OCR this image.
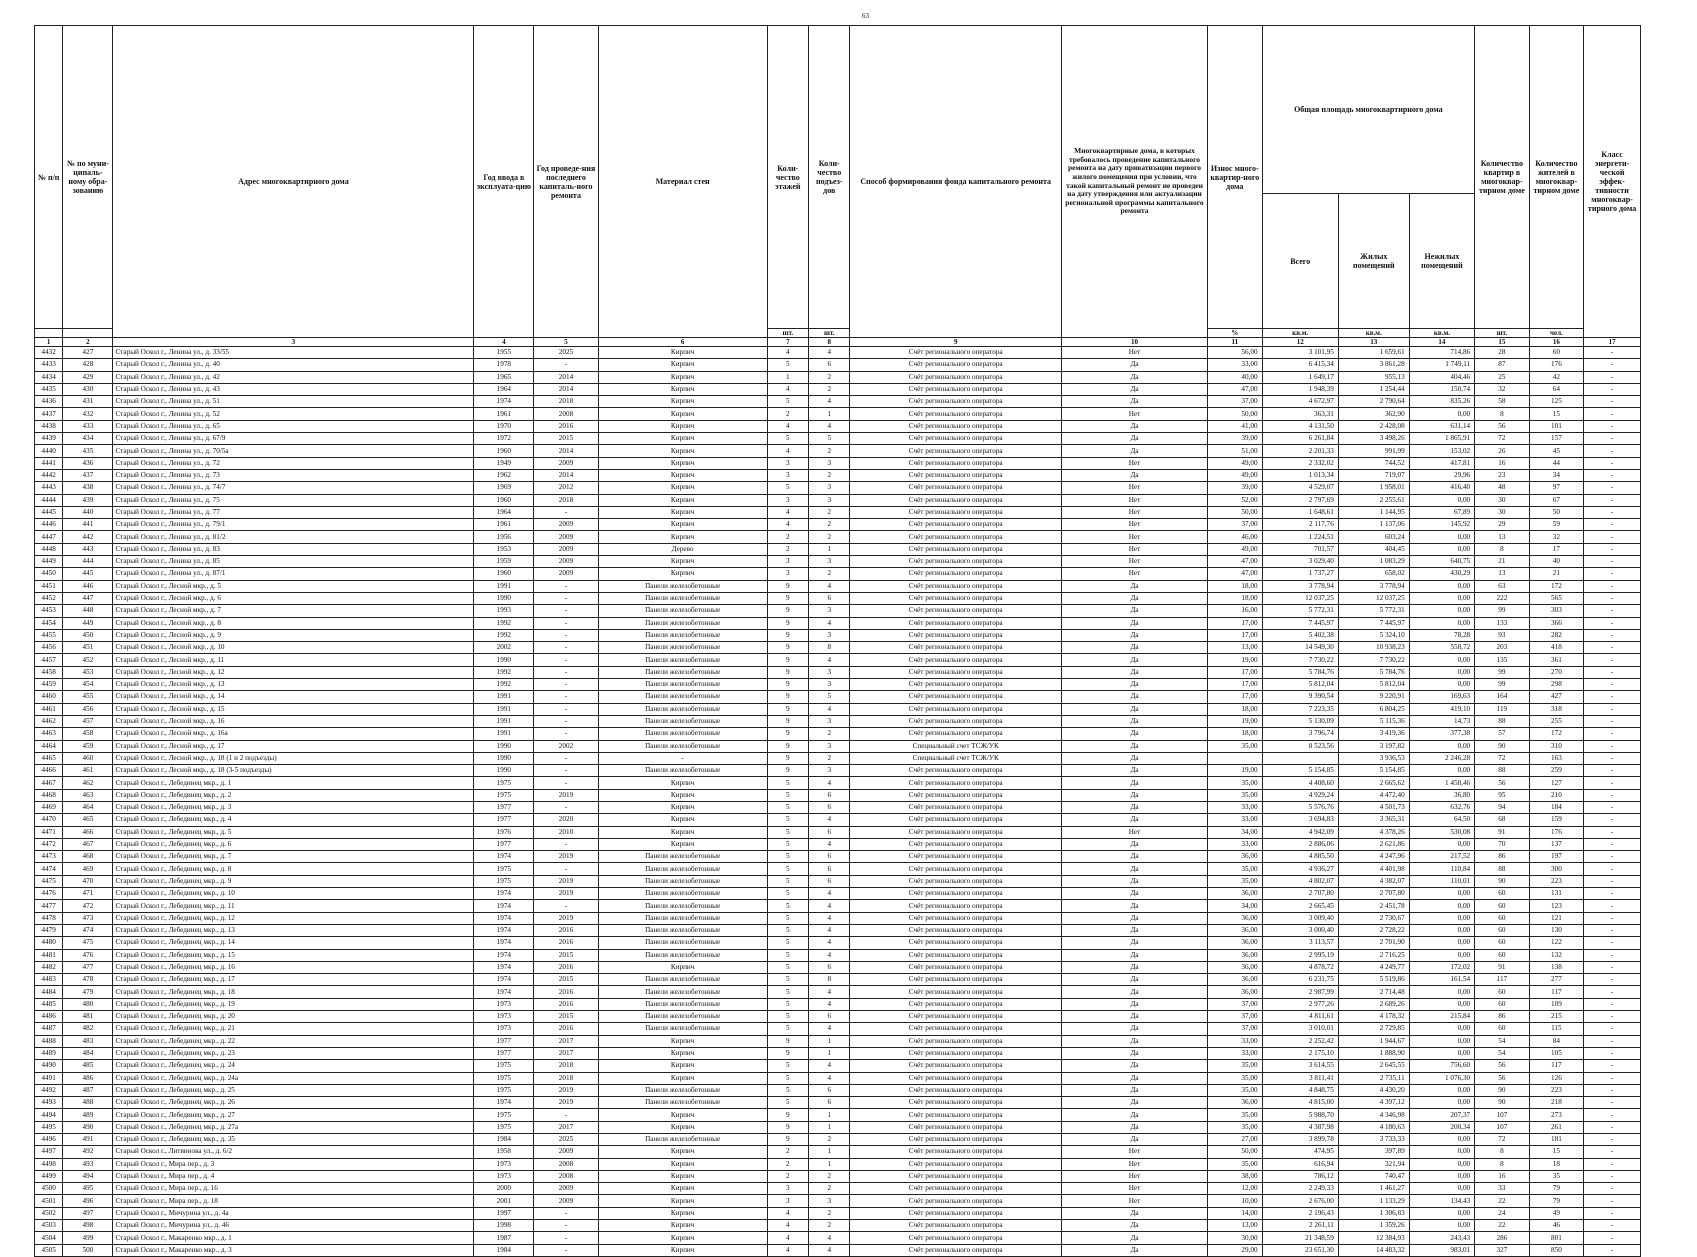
63
№ п/п	№ по муни-ципаль-ному обра-зованию	Адрес многоквартирного дома	Год ввода в эксплуата-цию	Год проведе-ния последнего капиталь-ного ремонта	Материал стен	Коли-чество этажей	Коли-чество подъез-дов	Способ формирования фонда капитального ремонта	Многоквартирные дома, в которых требовалось проведение капитального ремонта на дату приватизации первого жилого помещения при условии, что такой капитальный ремонт не проведен на дату утверждения или актуализации региональной программы капитального ремонта	Износ много-квартир-ного дома	Общая площадь многоквартирного дома			Количество квартир в многоквар-тирном доме	Количество жителей в многоквар-тирном доме	Класс энергети-ческой эффек-тивности многоквар-тирного дома
											Всего	Жилых помещений	Нежилых помещений			
						шт.	шт.			%	кв.м.	кв.м.	кв.м.	шт.	чел.	
1	2	3	4	5	6	7	8	9	10	11	12	13	14	15	16	17
4432	427	Старый Оскол г., Ленина ул., д. 33/55	1955	2025	Кирпич	4	4	Счёт регионального оператора	Нет	56,00	3 101,95	1 659,61	714,86	28	60	-
4433	428	Старый Оскол г., Ленина ул., д. 40	1978	-	Кирпич	5	6	Счёт регионального оператора	Да	33,00	6 415,34	3 861,28	1 749,11	87	176	-
4434	429	Старый Оскол г., Ленина ул., д. 42	1965	2014	Кирпич	1	2	Счёт регионального оператора	Да	40,00	1 649,17	955,13	404,46	25	42	-
4435	430	Старый Оскол г., Ленина ул., д. 43	1964	2014	Кирпич	4	2	Счёт регионального оператора	Да	47,00	1 948,39	1 254,44	150,74	32	64	-
4436	431	Старый Оскол г., Ленина ул., д. 51	1974	2018	Кирпич	5	4	Счёт регионального оператора	Да	37,00	4 672,97	2 790,64	835,26	58	125	-
4437	432	Старый Оскол г., Ленина ул., д. 52	1961	2008	Кирпич	2	1	Счёт регионального оператора	Нет	50,00	363,31	362,90	0,00	8	15	-
4438	433	Старый Оскол г., Ленина ул., д. 65	1970	2016	Кирпич	4	4	Счёт регионального оператора	Да	41,00	4 131,50	2 428,08	631,14	56	101	-
4439	434	Старый Оскол г., Ленина ул., д. 67/9	1972	2015	Кирпич	5	5	Счёт регионального оператора	Да	39,00	6 261,84	3 498,26	1 865,91	72	157	-
4440	435	Старый Оскол г., Ленина ул., д. 70/5а	1960	2014	Кирпич	4	2	Счёт регионального оператора	Да	51,00	2 201,33	991,99	153,02	26	45	-
4441	436	Старый Оскол г., Ленина ул., д. 72	1949	2009	Кирпич	3	3	Счёт регионального оператора	Нет	49,00	2 332,02	744,52	417,81	16	44	-
4442	437	Старый Оскол г., Ленина ул., д. 73	1962	2014	Кирпич	3	2	Счёт регионального оператора	Да	49,00	1 013,34	719,07	29,96	23	34	-
4443	438	Старый Оскол г., Ленина ул., д. 74/7	1969	2012	Кирпич	5	3	Счёт регионального оператора	Нет	39,00	4 529,07	1 958,01	416,40	48	97	-
4444	439	Старый Оскол г., Ленина ул., д. 75	1960	2018	Кирпич	3	3	Счёт регионального оператора	Нет	52,00	2 797,69	2 255,61	0,00	30	67	-
4445	440	Старый Оскол г., Ленина ул., д. 77	1964	-	Кирпич	4	2	Счёт регионального оператора	Нет	50,00	1 648,61	1 144,95	67,89	30	50	-
4446	441	Старый Оскол г., Ленина ул., д. 79/1	1961	2009	Кирпич	4	2	Счёт регионального оператора	Нет	37,00	2 117,76	1 137,06	145,92	29	59	-
4447	442	Старый Оскол г., Ленина ул., д. 81/2	1956	2009	Кирпич	2	2	Счёт регионального оператора	Нет	46,00	1 224,51	603,24	0,00	13	32	-
4448	443	Старый Оскол г., Ленина ул., д. 83	1953	2009	Дерево	2	1	Счёт регионального оператора	Нет	49,00	701,57	404,45	0,00	8	17	-
4449	444	Старый Оскол г., Ленина ул., д. 85	1959	2009	Кирпич	3	3	Счёт регионального оператора	Нет	47,00	3 029,40	1 083,29	640,75	21	40	-
4450	445	Старый Оскол г., Ленина ул., д. 87/1	1960	2009	Кирпич	3	2	Счёт регионального оператора	Нет	47,00	1 737,27	658,02	430,29	13	21	-
4451	446	Старый Оскол г., Лесной мкр., д. 5	1991	-	Панели железобетонные	9	4	Счёт регионального оператора	Да	18,00	3 778,94	3 778,94	0,00	63	172	-
4452	447	Старый Оскол г., Лесной мкр., д. 6	1990	-	Панели железобетонные	9	6	Счёт регионального оператора	Да	18,00	12 037,25	12 037,25	0,00	222	565	-
4453	448	Старый Оскол г., Лесной мкр., д. 7	1993	-	Панели железобетонные	9	3	Счёт регионального оператора	Да	16,00	5 772,31	5 772,31	0,00	99	303	-
4454	449	Старый Оскол г., Лесной мкр., д. 8	1992	-	Панели железобетонные	9	4	Счёт регионального оператора	Да	17,00	7 445,97	7 445,97	0,00	133	366	-
4455	450	Старый Оскол г., Лесной мкр., д. 9	1992	-	Панели железобетонные	9	3	Счёт регионального оператора	Да	17,00	5 402,38	5 324,10	78,28	93	282	-
4456	451	Старый Оскол г., Лесной мкр., д. 10	2002	-	Панели железобетонные	9	8	Счёт регионального оператора	Да	13,00	14 549,30	10 938,23	558,72	203	418	-
4457	452	Старый Оскол г., Лесной мкр., д. 11	1990	-	Панели железобетонные	9	4	Счёт регионального оператора	Да	19,00	7 730,22	7 730,22	0,00	135	361	-
4458	453	Старый Оскол г., Лесной мкр., д. 12	1992	-	Панели железобетонные	9	3	Счёт регионального оператора	Да	17,00	5 784,76	5 784,76	0,00	99	270	-
4459	454	Старый Оскол г., Лесной мкр., д. 13	1992	-	Панели железобетонные	9	3	Счёт регионального оператора	Да	17,00	5 812,04	5 812,04	0,00	99	298	-
4460	455	Старый Оскол г., Лесной мкр., д. 14	1991	-	Панели железобетонные	9	5	Счёт регионального оператора	Да	17,00	9 390,54	9 220,91	169,63	164	427	-
4461	456	Старый Оскол г., Лесной мкр., д. 15	1991	-	Панели железобетонные	9	4	Счёт регионального оператора	Да	18,00	7 223,35	6 804,25	419,10	119	318	-
4462	457	Старый Оскол г., Лесной мкр., д. 16	1991	-	Панели железобетонные	9	3	Счёт регионального оператора	Да	19,00	5 130,09	5 115,36	14,73	88	255	-
4463	458	Старый Оскол г., Лесной мкр., д. 16а	1991	-	Панели железобетонные	9	2	Счёт регионального оператора	Да	18,00	3 796,74	3 419,36	377,38	57	172	-
4464	459	Старый Оскол г., Лесной мкр., д. 17	1990	2002	Панели железобетонные	9	3	Специальный счет ТСЖ/УК	Да	35,00	8 523,56	3 197,82	0,00	90	310	-
4465	460	Старый Оскол г., Лесной мкр., д. 18 (1 и 2 подъезды)	1990	-	-	9	2	Специальный счет ТСЖ/УК	Да			3 936,53	2 246,28	72	163	-
4466	461	Старый Оскол г., Лесной мкр., д. 18 (3-5 подъезды)	1990	-	Панели железобетонные	9	3	Счёт регионального оператора	Да	19,00	5 154,85	5 154,85	0,00	88	259	-
4467	462	Старый Оскол г., Лебединец мкр., д. 1	1975	-	Кирпич	5	4	Счёт регионального оператора	Да	35,00	4 408,60	2 665,62	1 458,46	56	127	-
4468	463	Старый Оскол г., Лебединец мкр., д. 2	1975	2019	Кирпич	5	6	Счёт регионального оператора	Да	35,00	4 929,24	4 472,40	36,80	95	210	-
4469	464	Старый Оскол г., Лебединец мкр., д. 3	1977	-	Кирпич	5	6	Счёт регионального оператора	Да	33,00	5 576,76	4 501,73	632,76	94	184	-
4470	465	Старый Оскол г., Лебединец мкр., д. 4	1977	2020	Кирпич	5	4	Счёт регионального оператора	Да	33,00	3 694,83	3 365,31	64,50	68	159	-
4471	466	Старый Оскол г., Лебединец мкр., д. 5	1976	2010	Кирпич	5	6	Счёт регионального оператора	Нет	34,00	4 942,09	4 378,26	530,08	91	176	-
4472	467	Старый Оскол г., Лебединец мкр., д. 6	1977	-	Кирпич	5	4	Счёт регионального оператора	Да	33,00	2 886,06	2 621,86	0,00	70	137	-
4473	468	Старый Оскол г., Лебединец мкр., д. 7	1974	2019	Панели железобетонные	5	6	Счёт регионального оператора	Да	36,00	4 885,50	4 247,96	217,52	86	197	-
4474	469	Старый Оскол г., Лебединец мкр., д. 8	1975	-	Панели железобетонные	5	6	Счёт регионального оператора	Да	35,00	4 936,27	4 401,98	110,84	88	300	-
4475	470	Старый Оскол г., Лебединец мкр., д. 9	1975	2019	Панели железобетонные	5	6	Счёт регионального оператора	Да	35,00	4 802,07	4 382,07	110,01	90	223	-
4476	471	Старый Оскол г., Лебединец мкр., д. 10	1974	2019	Панели железобетонные	5	4	Счёт регионального оператора	Да	36,00	2 707,80	2 707,80	0,00	60	131	-
4477	472	Старый Оскол г., Лебединец мкр., д. 11	1974	-	Панели железобетонные	5	4	Счёт регионального оператора	Да	34,00	2 665,45	2 451,78	0,00	60	123	-
4478	473	Старый Оскол г., Лебединец мкр., д. 12	1974	2019	Панели железобетонные	5	4	Счёт регионального оператора	Да	36,00	3 009,40	2 730,67	0,00	60	121	-
4479	474	Старый Оскол г., Лебединец мкр., д. 13	1974	2016	Панели железобетонные	5	4	Счёт регионального оператора	Да	36,00	3 000,40	2 728,22	0,00	60	130	-
4480	475	Старый Оскол г., Лебединец мкр., д. 14	1974	2016	Панели железобетонные	5	4	Счёт регионального оператора	Да	36,00	3 113,57	2 701,90	0,00	60	122	-
4481	476	Старый Оскол г., Лебединец мкр., д. 15	1974	2015	Панели железобетонные	5	4	Счёт регионального оператора	Да	36,00	2 995,19	2 716,25	0,00	60	132	-
4482	477	Старый Оскол г., Лебединец мкр., д. 16	1974	2016	Кирпич	5	6	Счёт регионального оператора	Да	36,00	4 878,72	4 249,77	172,02	91	138	-
4483	478	Старый Оскол г., Лебединец мкр., д. 17	1974	2015	Панели железобетонные	5	8	Счёт регионального оператора	Да	36,00	6 231,75	5 519,86	161,54	117	277	-
4484	479	Старый Оскол г., Лебединец мкр., д. 18	1974	2016	Панели железобетонные	5	4	Счёт регионального оператора	Да	36,00	2 987,99	2 714,48	0,00	60	117	-
4485	480	Старый Оскол г., Лебединец мкр., д. 19	1973	2016	Панели железобетонные	5	4	Счёт регионального оператора	Да	37,00	2 977,26	2 689,26	0,00	60	109	-
4486	481	Старый Оскол г., Лебединец мкр., д. 20	1973	2015	Панели железобетонные	5	6	Счёт регионального оператора	Да	37,00	4 811,61	4 178,32	215,84	86	215	-
4487	482	Старый Оскол г., Лебединец мкр., д. 21	1973	2016	Панели железобетонные	5	4	Счёт регионального оператора	Да	37,00	3 010,01	2 729,85	0,00	60	115	-
4488	483	Старый Оскол г., Лебединец мкр., д. 22	1977	2017	Кирпич	9	1	Счёт регионального оператора	Да	33,00	2 252,42	1 944,67	0,00	54	84	-
4489	484	Старый Оскол г., Лебединец мкр., д. 23	1977	2017	Кирпич	9	1	Счёт регионального оператора	Да	33,00	2 175,10	1 888,90	0,00	54	105	-
4490	485	Старый Оскол г., Лебединец мкр., д. 24	1975	2018	Кирпич	5	4	Счёт регионального оператора	Да	35,00	3 614,55	2 645,55	756,60	56	117	-
4491	486	Старый Оскол г., Лебединец мкр., д. 24а	1975	2018	Кирпич	5	4	Счёт регионального оператора	Да	35,00	3 811,41	2 735,11	1 076,30	56	126	-
4492	487	Старый Оскол г., Лебединец мкр., д. 25	1975	2019	Панели железобетонные	5	6	Счёт регионального оператора	Да	35,00	4 848,75	4 430,20	0,00	90	223	-
4493	488	Старый Оскол г., Лебединец мкр., д. 26	1974	2019	Панели железобетонные	5	6	Счёт регионального оператора	Да	36,00	4 815,00	4 397,12	0,00	90	218	-
4494	489	Старый Оскол г., Лебединец мкр., д. 27	1975	-	Кирпич	9	1	Счёт регионального оператора	Да	35,00	5 988,70	4 346,98	207,37	107	273	-
4495	490	Старый Оскол г., Лебединец мкр., д. 27а	1975	2017	Кирпич	9	1	Счёт регионального оператора	Да	35,00	4 387,98	4 180,63	200,34	107	261	-
4496	491	Старый Оскол г., Лебединец мкр., д. 35	1984	2025	Панели железобетонные	9	2	Счёт регионального оператора	Да	27,00	3 899,78	3 733,33	0,00	72	181	-
4497	492	Старый Оскол г., Литвинова ул., д. 6/2	1958	2009	Кирпич	2	1	Счёт регионального оператора	Нет	50,00	474,95	397,89	0,00	8	15	-
4498	493	Старый Оскол г., Мира пер., д. 3	1973	2008	Кирпич	2	1	Счёт регионального оператора	Нет	35,00	616,94	321,94	0,00	8	18	-
4499	494	Старый Оскол г., Мира пер., д. 4	1973	2008	Кирпич	2	2	Счёт регионального оператора	Нет	38,00	786,12	740,47	0,00	16	35	-
4500	495	Старый Оскол г., Мира пер., д. 16	2000	2009	Кирпич	3	2	Счёт регионального оператора	Нет	12,00	2 249,33	1 461,27	0,00	33	79	-
4501	496	Старый Оскол г., Мира пер., д. 18	2001	2009	Кирпич	3	3	Счёт регионального оператора	Нет	10,00	2 676,00	1 133,29	134,43	22	79	-
4502	497	Старый Оскол г., Мичурина ул., д. 4а	1997	-	Кирпич	4	2	Счёт регионального оператора	Да	14,00	2 196,43	1 306,83	0,00	24	49	-
4503	498	Старый Оскол г., Мичурина ул., д. 46	1998	-	Кирпич	4	2	Счёт регионального оператора	Да	13,00	2 261,11	1 359,26	0,00	22	46	-
4504	499	Старый Оскол г., Макаренко мкр., д. 1	1987	-	Кирпич	4	4	Счёт регионального оператора	Да	30,00	21 348,59	12 384,93	243,43	286	801	-
4505	500	Старый Оскол г., Макаренко мкр., д. 3	1984	-	Кирпич	4	4	Счёт регионального оператора	Да	29,00	23 651,30	14 483,32	983,01	327	850	-
